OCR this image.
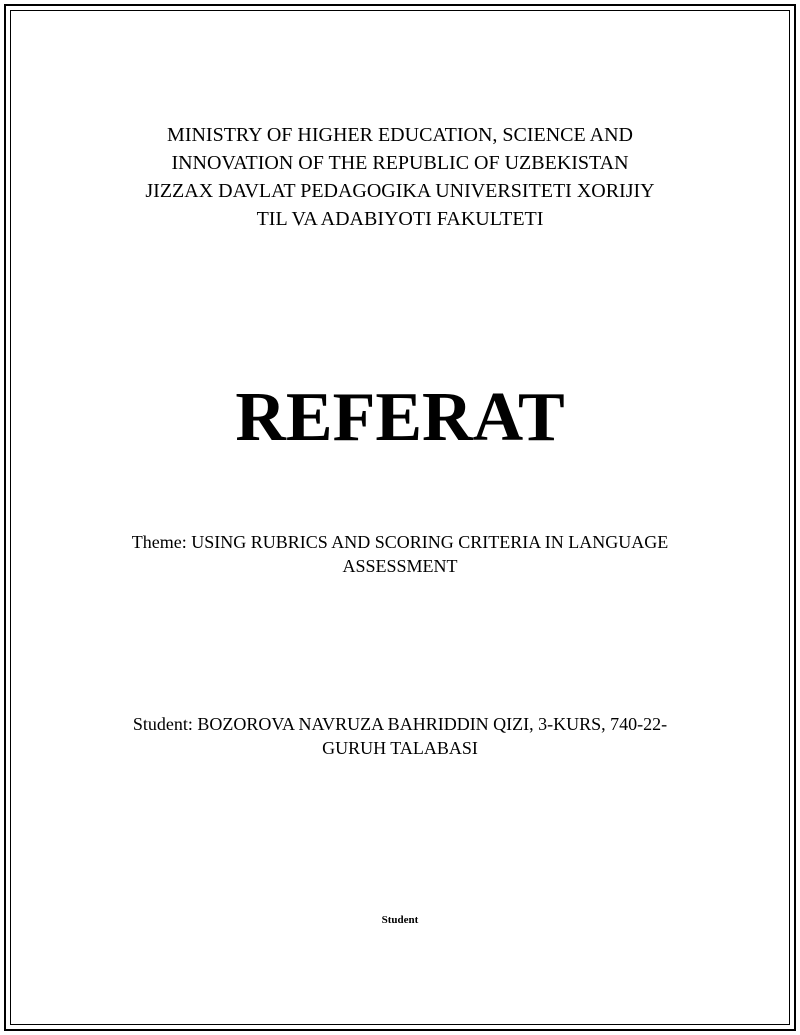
MINISTRY OF HIGHER EDUCATION, SCIENCE AND
INNOVATION OF THE REPUBLIC OF UZBEKISTAN
JIZZAX DAVLAT PEDAGOGIKA UNIVERSITETI XORIJIY
TIL VA ADABIYOTI FAKULTETI
REFERAT
Theme: USING RUBRICS AND SCORING CRITERIA IN LANGUAGE
ASSESSMENT
Student: BOZOROVA NAVRUZA BAHRIDDIN QIZI, 3-KURS, 740-22-
GURUH TALABASI
Student
